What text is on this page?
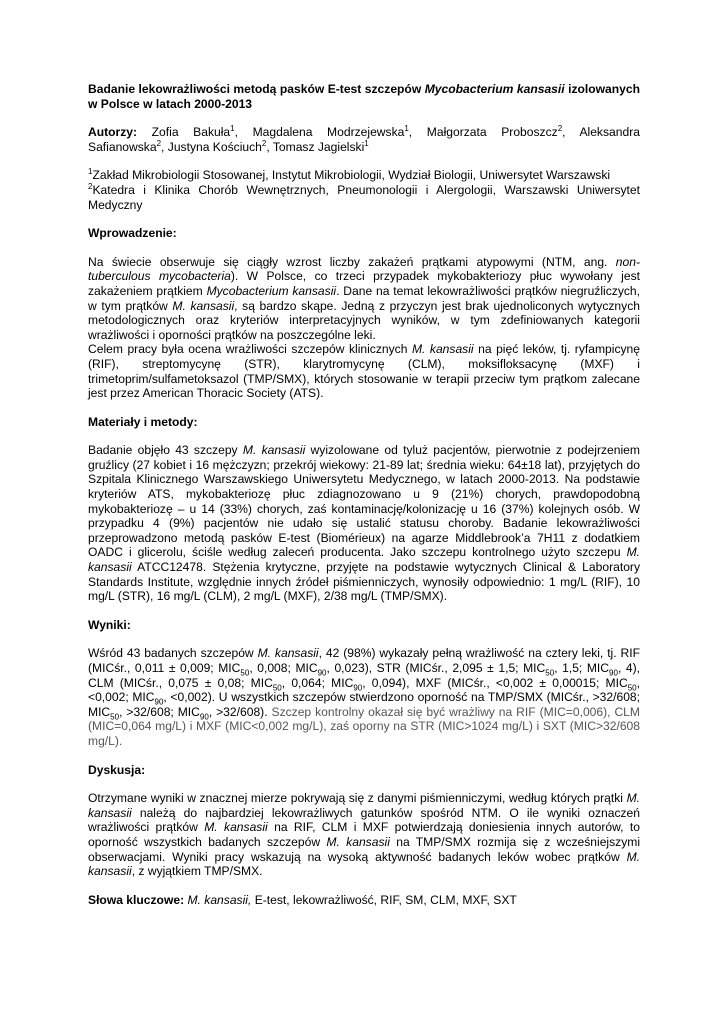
Badanie lekowrażliwości metodą pasków E-test szczepów Mycobacterium kansasii izolowanych w Polsce w latach 2000-2013

Autorzy: Zofia Bakuła$^1$, Magdalena Modrzejewska$^1$, Małgorzata Proboszcz$^2$, Aleksandra Safianowska$^2$, Justyna Kościuch$^2$, Tomasz Jagielski$^1$

$^1$Zakład Mikrobiologii Stosowanej, Instytut Mikrobiologii, Wydział Biologii, Uniwersytet Warszawski

$^2$Katedra i Klinika Chorób Wewnętrznych, Pneumonologii i Alergologii, Warszawski Uniwersytet Medyczny

Wprowadzenie:

Na świecie obserwuje się ciągły wzrost liczby zakażeń prątkami atypowymi (NTM, ang. non-tuberculous mycobacteria). W Polsce, co trzeci przypadek mykobakteriozy płuc wywołany jest zakażeniem prątkiem Mycobacterium kansasii. Dane na temat lekowrażliwości prątków niegruźliczych, w tym prątków M. kansasii, są bardzo skąpe. Jedną z przyczyn jest brak ujednoliconych wytycznych metodologicznych oraz kryteriów interpretacyjnych wyników, w tym zdefiniowanych kategorii wrażliwości i oporności prątków na poszczególne leki.

Celem pracy była ocena wrażliwości szczepów klinicznych M. kansasii na pięć leków, tj. ryfampicynę (RIF), streptomycynę (STR), klarytromycynę (CLM), moksifloksacynę (MXF) i trimetoprim/sulfametoksazol (TMP/SMX), których stosowanie w terapii przeciw tym prątkom zalecane jest przez American Thoracic Society (ATS).

Materiały i metody:

Badanie objęło 43 szczepy M. kansasii wyizolowane od tyluż pacjentów, pierwotnie z podejrzeniem gruźlicy (27 kobiet i 16 mężczyzn; przekrój wiekowy: 21-89 lat; średnia wieku: 64±18 lat), przyjętych do Szpitala Klinicznego Warszawskiego Uniwersytetu Medycznego, w latach 2000-2013. Na podstawie kryteriów ATS, mykobakteriozę płuc zdiagnozowano u 9 (21%) chorych, prawdopodobną mykobakteriozę – u 14 (33%) chorych, zaś kontaminację/kolonizację u 16 (37%) kolejnych osób. W przypadku 4 (9%) pacjentów nie udało się ustalić statusu choroby. Badanie lekowrażliwości przeprowadzono metodą pasków E-test (Biomérieux) na agarze Middlebrook’a 7H11 z dodatkiem OADC i glicerolu, ściśle według zaleceń producenta. Jako szczepu kontrolnego użyto szczepu M. kansasii ATCC12478. Stężenia krytyczne, przyjęte na podstawie wytycznych Clinical & Laboratory Standards Institute, względnie innych źródeł piśmienniczych, wynosiły odpowiednio: 1 mg/L (RIF), 10 mg/L (STR), 16 mg/L (CLM), 2 mg/L (MXF), 2/38 mg/L (TMP/SMX).

Wyniki:

Wśród 43 badanych szczepów M. kansasii, 42 (98%) wykazały pełną wrażliwość na cztery leki, tj. RIF (MICśr., 0,011 ± 0,009; $MIC_{50}$, 0,008; $MIC_{90}$, 0,023), STR (MICśr., 2,095 ± 1,5; $MIC_{50}$, 1,5; $MIC_{90}$, 4), CLM (MICśr., 0,075 ± 0,08; $MIC_{50}$, 0,064; $MIC_{90}$, 0,094), MXF (MICśr., <0,002 ± 0,00015; $MIC_{50}$, <0,002; $MIC_{90}$, <0,002). U wszystkich szczepów stwierdzono oporność na TMP/SMX (MICśr., >32/608; $MIC_{50}$, >32/608; $MIC_{90}$, >32/608). Szczep kontrolny okazał się być wrażliwy na RIF (MIC=0,006), CLM (MIC=0,064 mg/L) i MXF (MIC<0,002 mg/L), zaś oporny na STR (MIC>1024 mg/L) i SXT (MIC>32/608 mg/L).

Dyskusja:

Otrzymane wyniki w znacznej mierze pokrywają się z danymi piśmienniczymi, według których prątki M. kansasii należą do najbardziej lekowrażliwych gatunków spośród NTM. O ile wyniki oznaczeń wrażliwości prątków M. kansasii na RIF, CLM i MXF potwierdzają doniesienia innych autorów, to oporność wszystkich badanych szczepów M. kansasii na TMP/SMX rozmija się z wcześniejszymi obserwacjami. Wyniki pracy wskazują na wysoką aktywność badanych leków wobec prątków M. kansasii, z wyjątkiem TMP/SMX.

Słowa kluczowe: M. kansasii, E-test, lekowrażliwość, RIF, SM, CLM, MXF, SXT
